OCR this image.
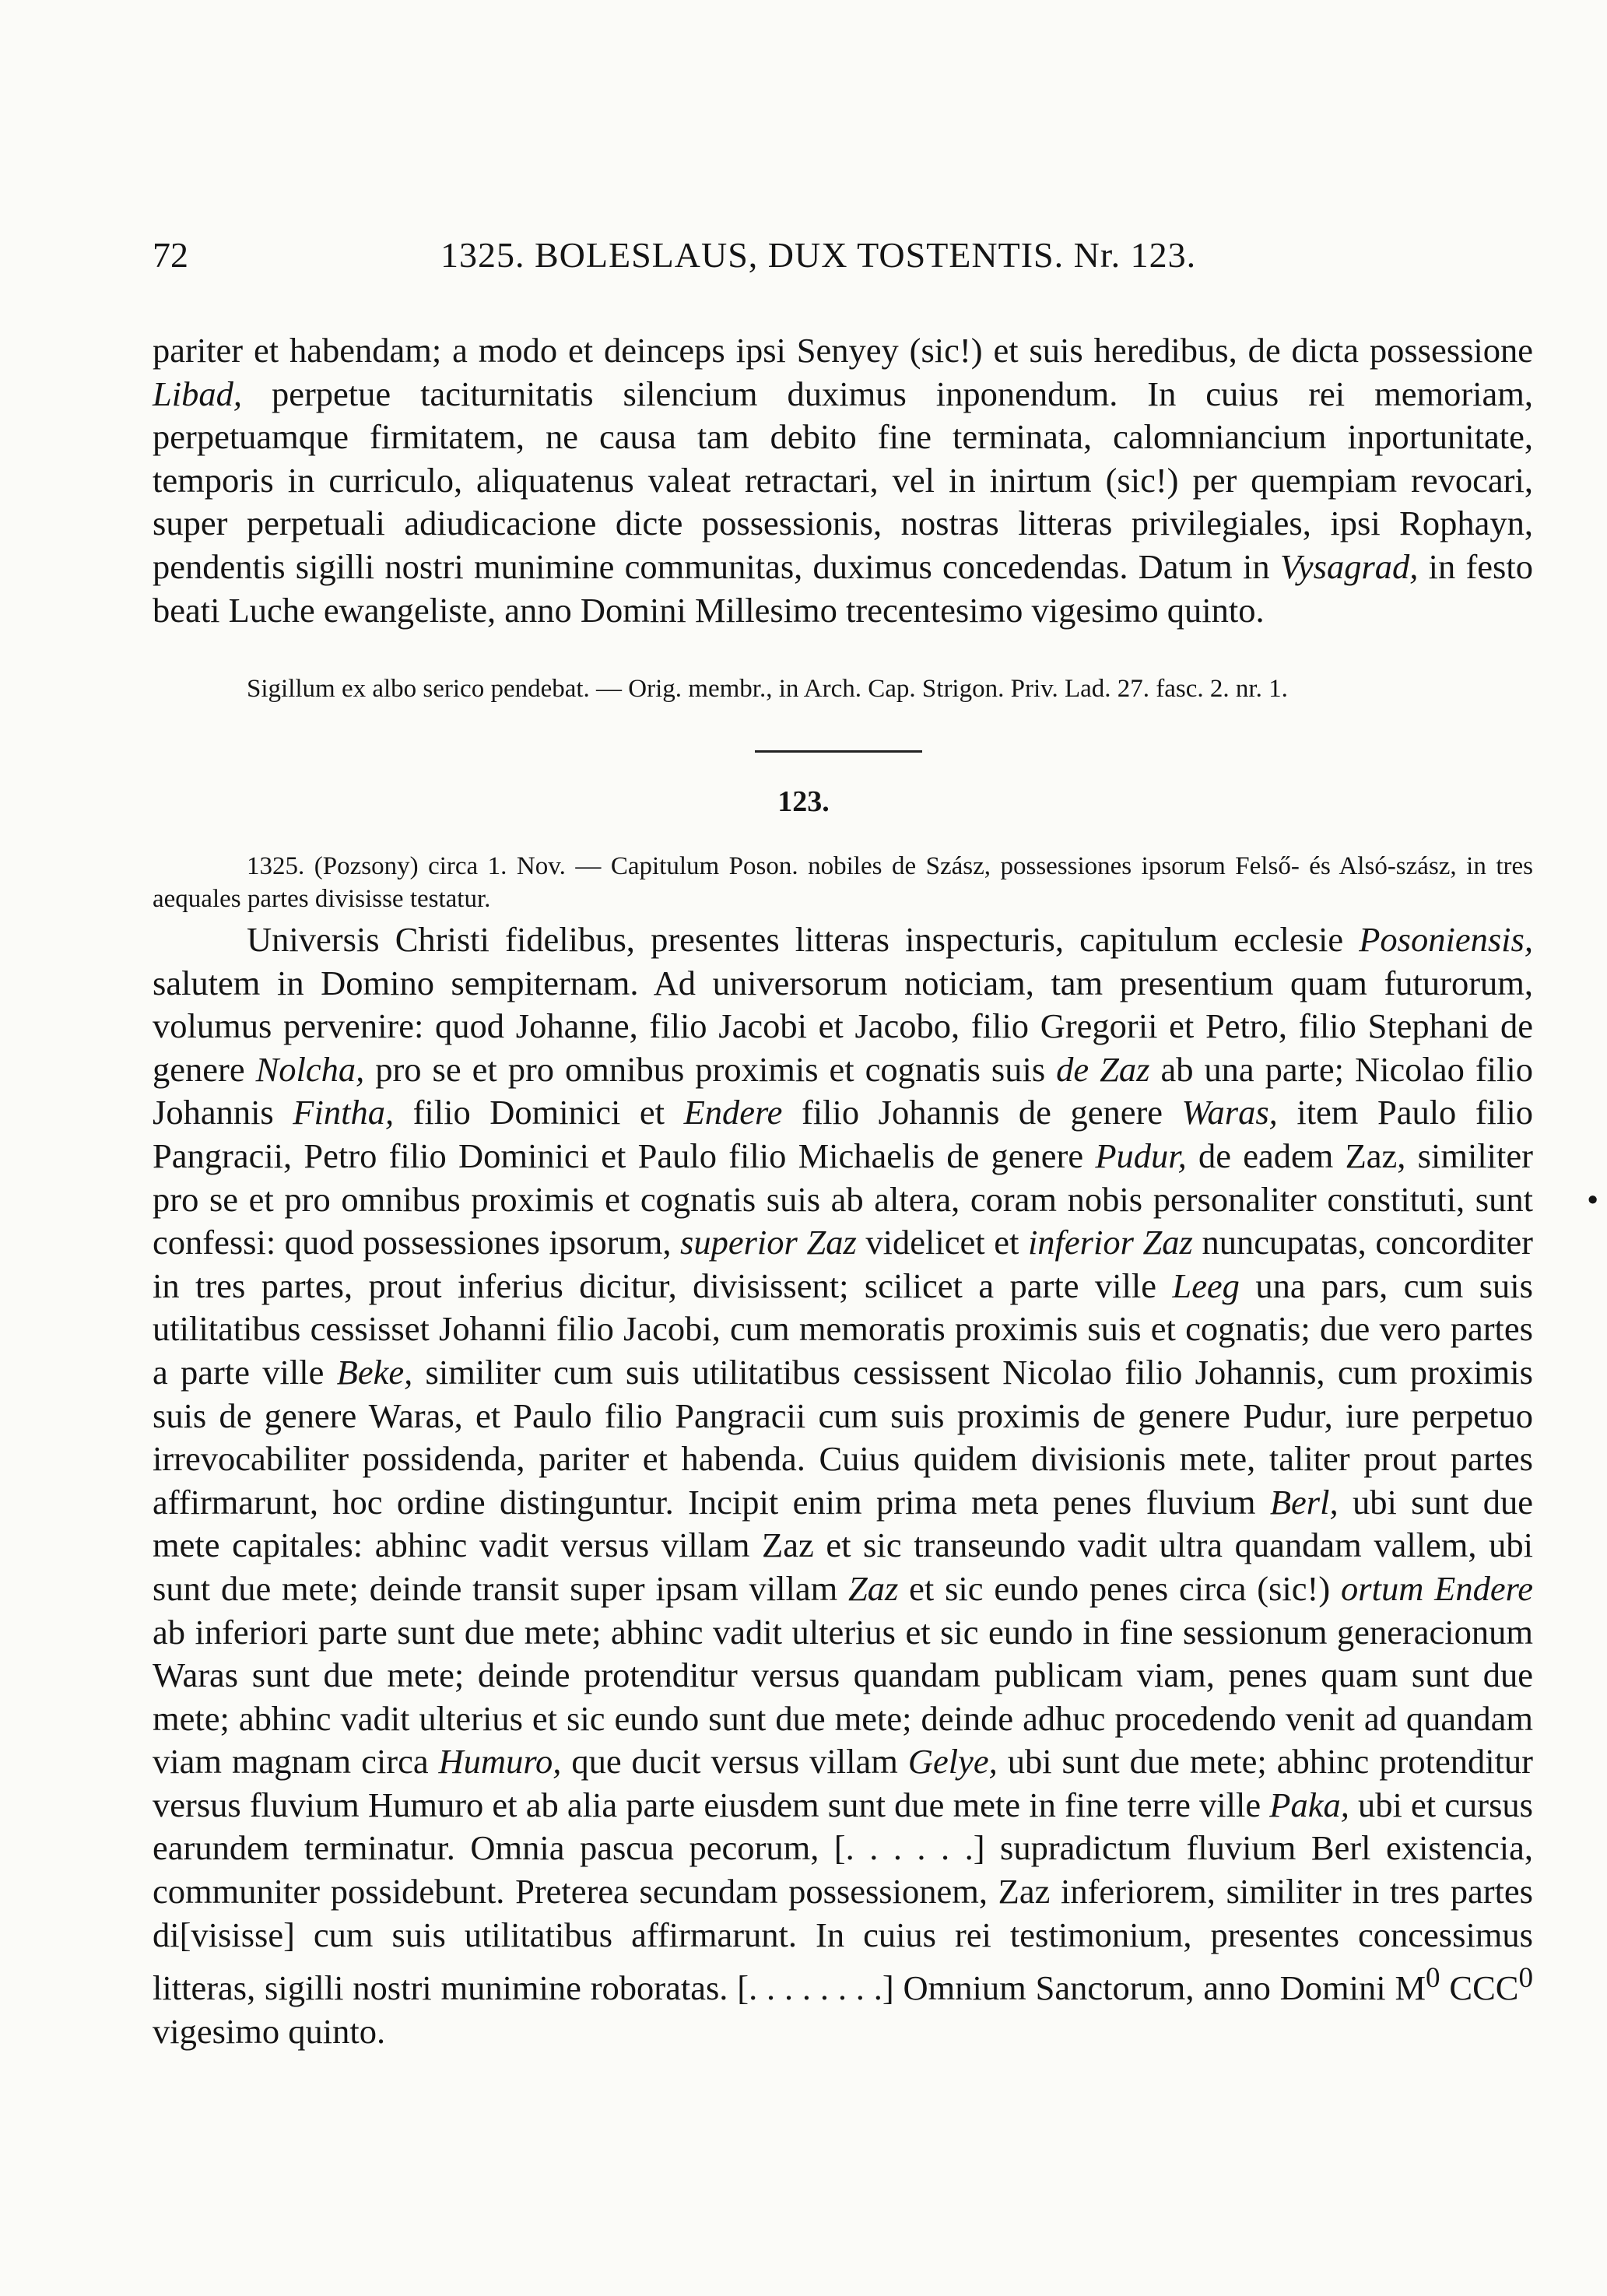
72	1325. BOLESLAUS, DUX TOSTENTIS. Nr. 123.
pariter et habendam; a modo et deinceps ipsi Senyey (sic!) et suis heredibus, de dicta possessione Libad, perpetue taciturnitatis silencium duximus inponendum. In cuius rei memoriam, perpetuamque firmitatem, ne causa tam debito fine terminata, calomniancium inportunitate, temporis in curriculo, aliquatenus valeat retractari, vel in inirtum (sic!) per quempiam revocari, super perpetuali adiudicacione dicte possessionis, nostras litteras privilegiales, ipsi Rophayn, pendentis sigilli nostri munimine communitas, duximus concedendas. Datum in Vysagrad, in festo beati Luche ewangeliste, anno Domini Millesimo trecentesimo vigesimo quinto.
Sigillum ex albo serico pendebat. — Orig. membr., in Arch. Cap. Strigon. Priv. Lad. 27. fasc. 2. nr. 1.
123.
1325. (Pozsony) circa 1. Nov. — Capitulum Poson. nobiles de Szász, possessiones ipsorum Felső- és Alsó-szász, in tres aequales partes divisisse testatur.
Universis Christi fidelibus, presentes litteras inspecturis, capitulum ecclesie Posoniensis, salutem in Domino sempiternam. Ad universorum noticiam, tam presentium quam futurorum, volumus pervenire: quod Johanne, filio Jacobi et Jacobo, filio Gregorii et Petro, filio Stephani de genere Nolcha, pro se et pro omnibus proximis et cognatis suis de Zaz ab una parte; Nicolao filio Johannis Fintha, filio Dominici et Endere filio Johannis de genere Waras, item Paulo filio Pangracii, Petro filio Dominici et Paulo filio Michaelis de genere Pudur, de eadem Zaz, similiter pro se et pro omnibus proximis et cognatis suis ab altera, coram nobis personaliter constituti, sunt confessi: quod possessiones ipsorum, superior Zaz videlicet et inferior Zaz nuncupatas, concorditer in tres partes, prout inferius dicitur, divisissent; scilicet a parte ville Leeg una pars, cum suis utilitatibus cessisset Johanni filio Jacobi, cum memoratis proximis suis et cognatis; due vero partes a parte ville Beke, similiter cum suis utilitatibus cessissent Nicolao filio Johannis, cum proximis suis de genere Waras, et Paulo filio Pangracii cum suis proximis de genere Pudur, iure perpetuo irrevocabiliter possidenda, pariter et habenda. Cuius quidem divisionis mete, taliter prout partes affirmarunt, hoc ordine distinguntur. Incipit enim prima meta penes fluvium Berl, ubi sunt due mete capitales: abhinc vadit versus villam Zaz et sic transeundo vadit ultra quandam vallem, ubi sunt due mete; deinde transit super ipsam villam Zaz et sic eundo penes circa (sic!) ortum Endere ab inferiori parte sunt due mete; abhinc vadit ulterius et sic eundo in fine sessionum generacionum Waras sunt due mete; deinde protenditur versus quandam publicam viam, penes quam sunt due mete; abhinc vadit ulterius et sic eundo sunt due mete; deinde adhuc procedendo venit ad quandam viam magnam circa Humuro, que ducit versus villam Gelye, ubi sunt due mete; abhinc protenditur versus fluvium Humuro et ab alia parte eiusdem sunt due mete in fine terre ville Paka, ubi et cursus earundem terminatur. Omnia pascua pecorum, [. . . . . .] supradictum fluvium Berl existencia, communiter possidebunt. Preterea secundam possessionem, Zaz inferiorem, similiter in tres partes di[visisse] cum suis utilitatibus affirmarunt. In cuius rei testimonium, presentes concessimus litteras, sigilli nostri munimine roboratas. [. . . . . . . .] Omnium Sanctorum, anno Domini $M^0$ CCC$^0$ vigesimo quinto.
•
